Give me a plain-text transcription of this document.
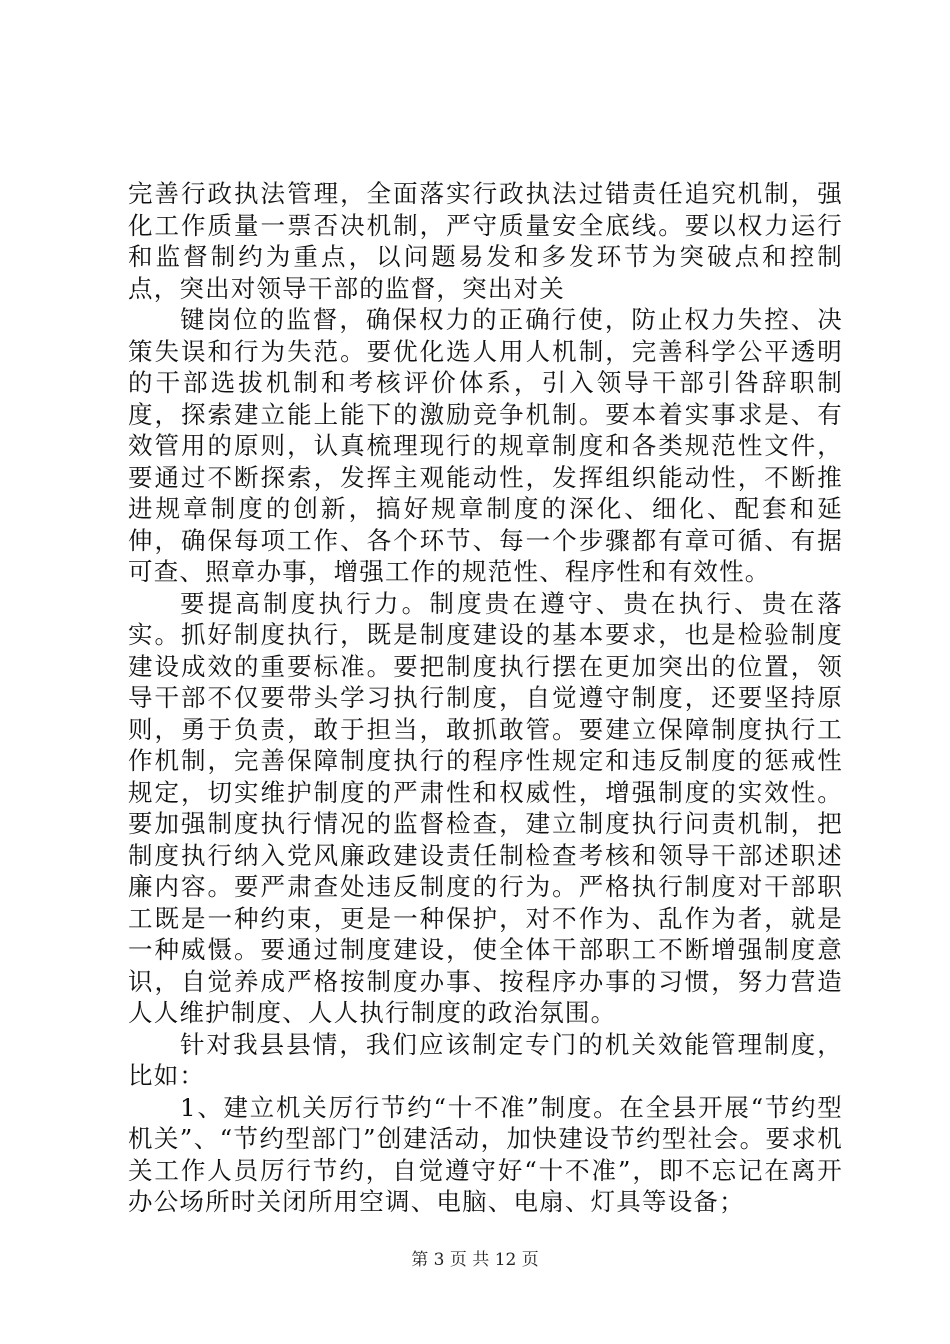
完善行政执法管理，全面落实行政执法过错责任追究机制，强化工作质量一票否决机制，严守质量安全底线。要以权力运行和监督制约为重点，以问题易发和多发环节为突破点和控制点，突出对领导干部的监督，突出对关

键岗位的监督，确保权力的正确行使，防止权力失控、决策失误和行为失范。要优化选人用人机制，完善科学公平透明的干部选拔机制和考核评价体系，引入领导干部引咎辞职制度，探索建立能上能下的激励竞争机制。要本着实事求是、有效管用的原则，认真梳理现行的规章制度和各类规范性文件，要通过不断探索，发挥主观能动性，发挥组织能动性，不断推进规章制度的创新，搞好规章制度的深化、细化、配套和延伸，确保每项工作、各个环节、每一个步骤都有章可循、有据可查、照章办事，增强工作的规范性、程序性和有效性。

要提高制度执行力。制度贵在遵守、贵在执行、贵在落实。抓好制度执行，既是制度建设的基本要求，也是检验制度建设成效的重要标准。要把制度执行摆在更加突出的位置，领导干部不仅要带头学习执行制度，自觉遵守制度，还要坚持原则，勇于负责，敢于担当，敢抓敢管。要建立保障制度执行工作机制，完善保障制度执行的程序性规定和违反制度的惩戒性规定，切实维护制度的严肃性和权威性，增强制度的实效性。要加强制度执行情况的监督检查，建立制度执行问责机制，把制度执行纳入党风廉政建设责任制检查考核和领导干部述职述廉内容。要严肃查处违反制度的行为。严格执行制度对干部职工既是一种约束，更是一种保护，对不作为、乱作为者，就是一种威慑。要通过制度建设，使全体干部职工不断增强制度意识，自觉养成严格按制度办事、按程序办事的习惯，努力营造人人维护制度、人人执行制度的政治氛围。

针对我县县情，我们应该制定专门的机关效能管理制度，比如：

1、建立机关厉行节约“十不准”制度。在全县开展“节约型机关”、“节约型部门”创建活动，加快建设节约型社会。要求机关工作人员厉行节约，自觉遵守好“十不准”，即不忘记在离开办公场所时关闭所用空调、电脑、电扇、灯具等设备；

第 3 页 共 12 页
